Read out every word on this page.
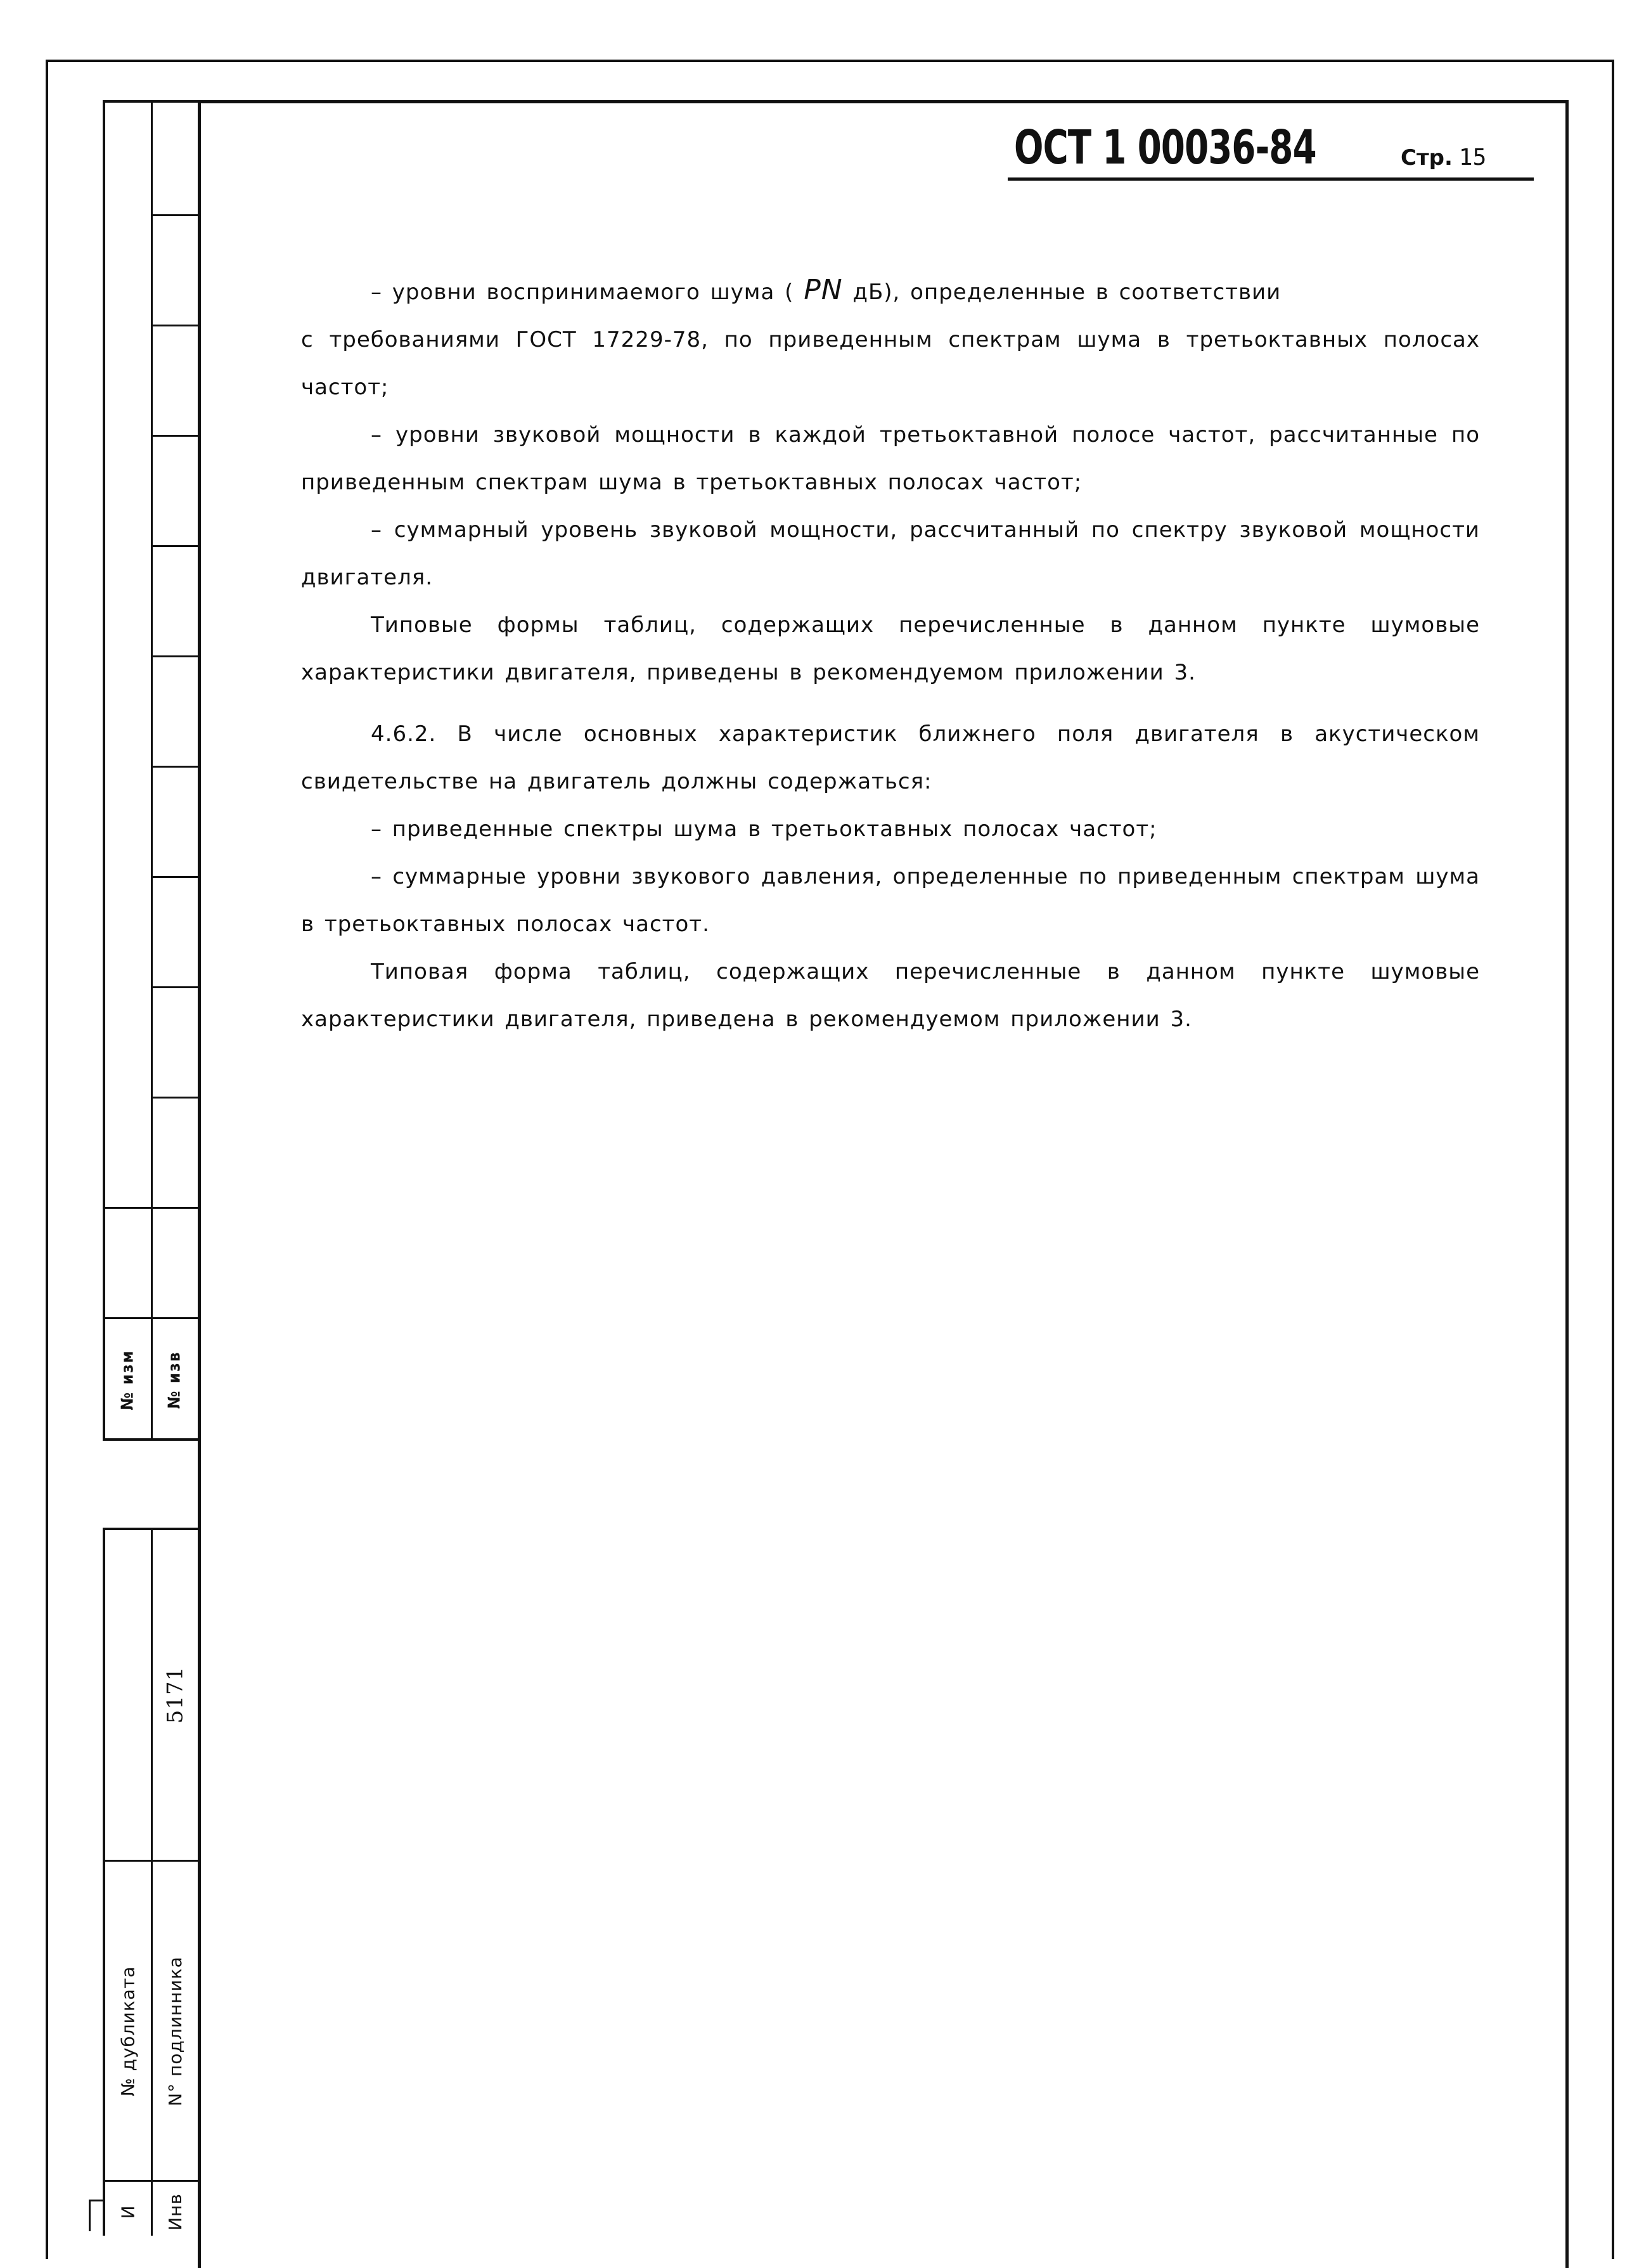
№ изм № изв
5171
№ дубликата N° подлинника
И Инв
ОСТ 1 00036-84	Стр. 15

– уровни воспринимаемого шума ( PN дБ), определенные в соответствии

с требованиями ГОСТ 17229-78, по приведенным спектрам шума в третьоктавных полосах частот;

– уровни звуковой мощности в каждой третьоктавной полосе частот, рассчитанные по приведенным спектрам шума в третьоктавных полосах частот;

– суммарный уровень звуковой мощности, рассчитанный по спектру звуковой мощности двигателя.

Типовые формы таблиц, содержащих перечисленные в данном пункте шумовые характеристики двигателя, приведены в рекомендуемом приложении 3.

4.6.2. В числе основных характеристик ближнего поля двигателя в акустическом свидетельстве на двигатель должны содержаться:

– приведенные спектры шума в третьоктавных полосах частот;

– суммарные уровни звукового давления, определенные по приведенным спектрам шума в третьоктавных полосах частот.

Типовая форма таблиц, содержащих перечисленные в данном пункте шумовые характеристики двигателя, приведена в рекомендуемом приложении 3.
